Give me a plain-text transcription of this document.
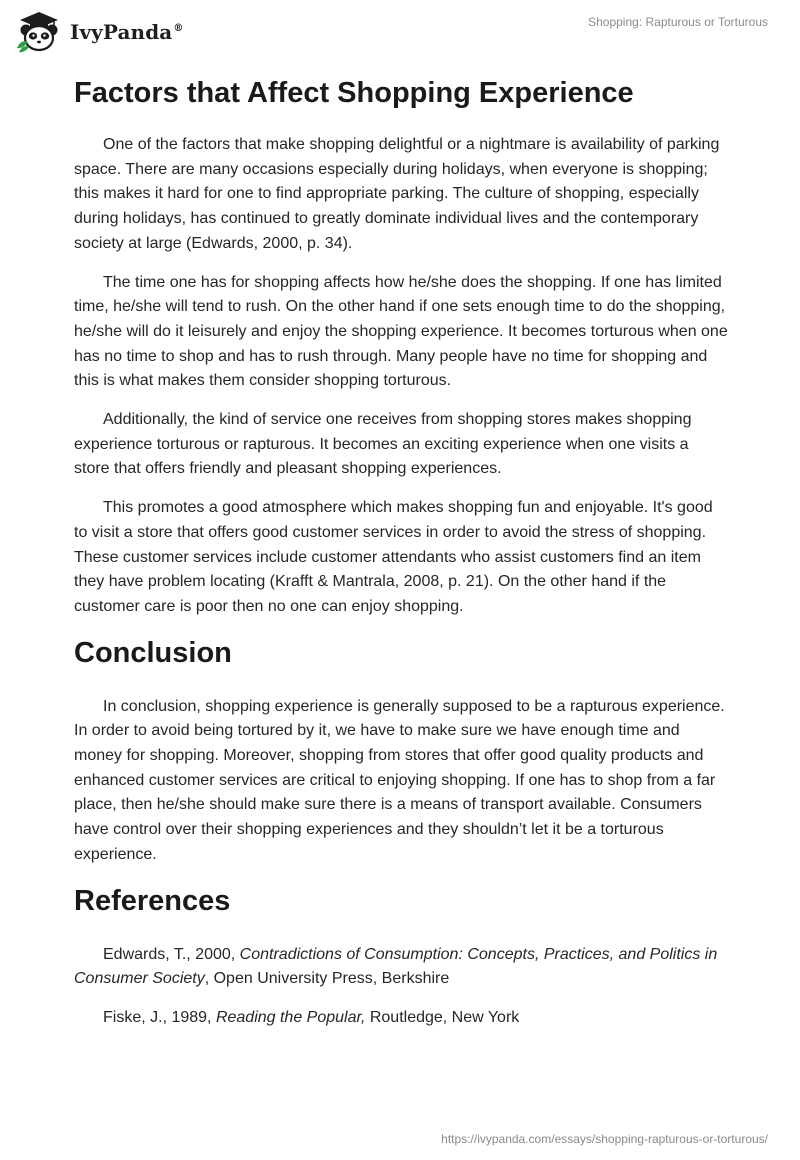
IvyPanda®	Shopping: Rapturous or Torturous
Factors that Affect Shopping Experience

One of the factors that make shopping delightful or a nightmare is availability of parking space. There are many occasions especially during holidays, when everyone is shopping; this makes it hard for one to find appropriate parking. The culture of shopping, especially during holidays, has continued to greatly dominate individual lives and the contemporary society at large (Edwards, 2000, p. 34).

The time one has for shopping affects how he/she does the shopping. If one has limited time, he/she will tend to rush. On the other hand if one sets enough time to do the shopping, he/she will do it leisurely and enjoy the shopping experience. It becomes torturous when one has no time to shop and has to rush through. Many people have no time for shopping and this is what makes them consider shopping torturous.

Additionally, the kind of service one receives from shopping stores makes shopping experience torturous or rapturous. It becomes an exciting experience when one visits a store that offers friendly and pleasant shopping experiences.

This promotes a good atmosphere which makes shopping fun and enjoyable. It's good to visit a store that offers good customer services in order to avoid the stress of shopping. These customer services include customer attendants who assist customers find an item they have problem locating (Krafft & Mantrala, 2008, p. 21). On the other hand if the customer care is poor then no one can enjoy shopping.

Conclusion

In conclusion, shopping experience is generally supposed to be a rapturous experience. In order to avoid being tortured by it, we have to make sure we have enough time and money for shopping. Moreover, shopping from stores that offer good quality products and enhanced customer services are critical to enjoying shopping. If one has to shop from a far place, then he/she should make sure there is a means of transport available. Consumers have control over their shopping experiences and they shouldn’t let it be a torturous experience.

References

Edwards, T., 2000, Contradictions of Consumption: Concepts, Practices, and Politics in Consumer Society, Open University Press, Berkshire

Fiske, J., 1989, Reading the Popular, Routledge, New York

https://ivypanda.com/essays/shopping-rapturous-or-torturous/
